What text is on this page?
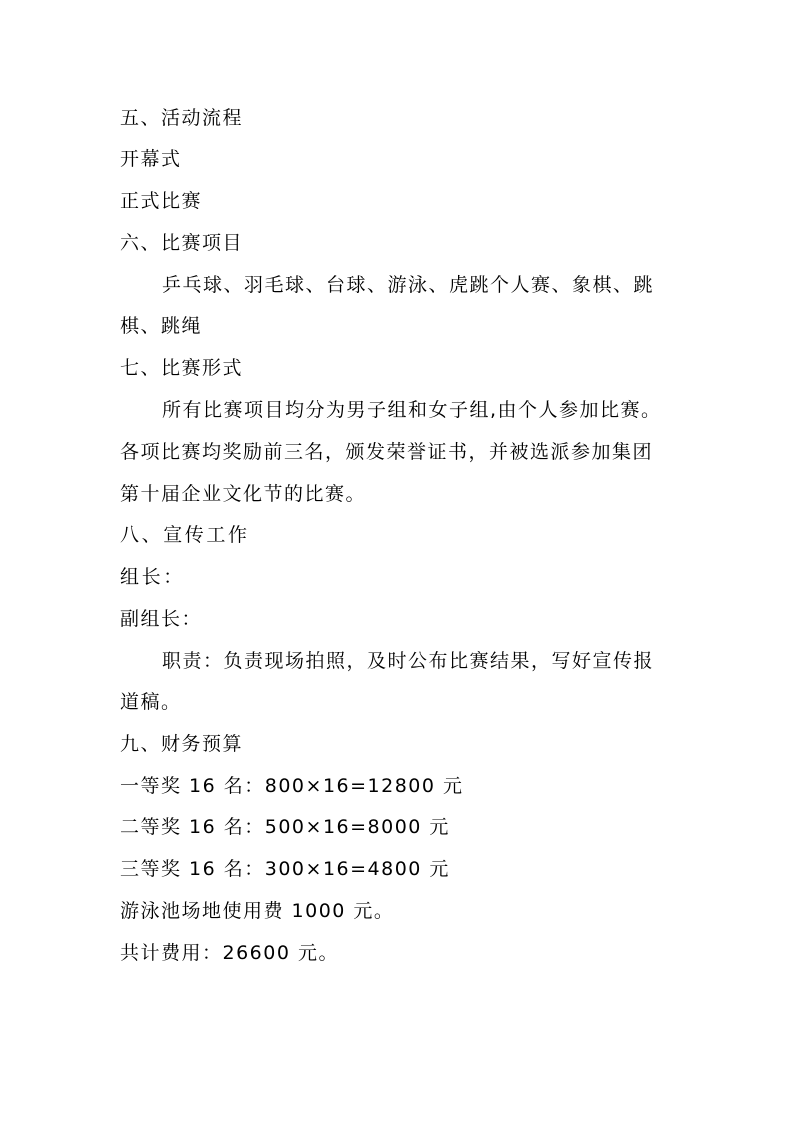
五、活动流程
开幕式
正式比赛
六、比赛项目
乒乓球、羽毛球、台球、游泳、虎跳个人赛、象棋、跳
棋、跳绳
七、比赛形式
所有比赛项目均分为男子组和女子组,由个人参加比赛。
各项比赛均奖励前三名，颁发荣誉证书，并被选派参加集团
第十届企业文化节的比赛。
八、宣传工作
组长：
副组长：
职责：负责现场拍照，及时公布比赛结果，写好宣传报
道稿。
九、财务预算
一等奖 16 名：800×16=12800 元
二等奖 16 名：500×16=8000 元
三等奖 16 名：300×16=4800 元
游泳池场地使用费 1000 元。
共计费用：26600 元。
